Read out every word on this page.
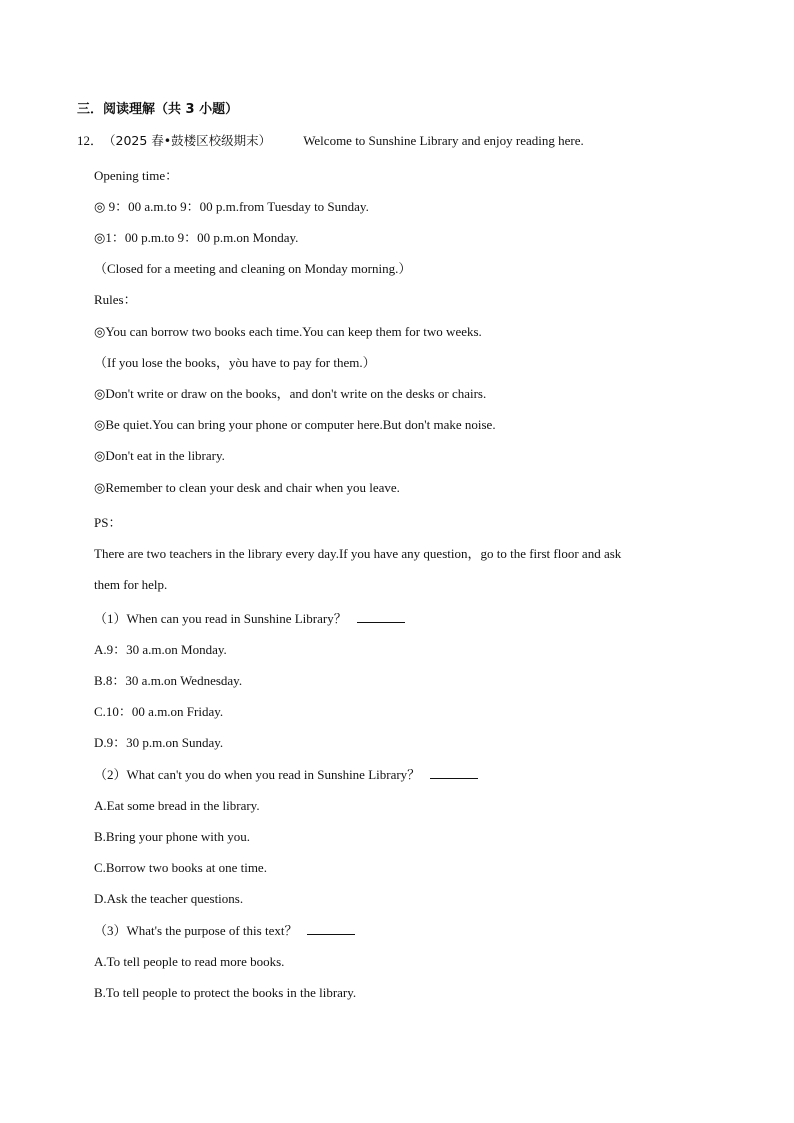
三．阅读理解（共 3 小题）
12．（2025 春•鼓楼区校级期末） Welcome to Sunshine Library and enjoy reading here.
Opening time：
◎ 9：00 a.m.to 9：00 p.m.from Tuesday to Sunday.
◎1：00 p.m.to 9：00 p.m.on Monday.
（Closed for a meeting and cleaning on Monday morning.）
Rules：
◎You can borrow two books each time.You can keep them for two weeks.
（If you lose the books，yòu have to pay for them.）
◎Don't write or draw on the books，and don't write on the desks or chairs.
◎Be quiet.You can bring your phone or computer here.But don't make noise.
◎Don't eat in the library.
◎Remember to clean your desk and chair when you leave.
PS：
There are two teachers in the library every day.If you have any question，go to the first floor and ask
them for help.
（1）When can you read in Sunshine Library？
A.9：30 a.m.on Monday.
B.8：30 a.m.on Wednesday.
C.10：00 a.m.on Friday.
D.9：30 p.m.on Sunday.
（2）What can't you do when you read in Sunshine Library？
A.Eat some bread in the library.
B.Bring your phone with you.
C.Borrow two books at one time.
D.Ask the teacher questions.
（3）What's the purpose of this text？
A.To tell people to read more books.
B.To tell people to protect the books in the library.
